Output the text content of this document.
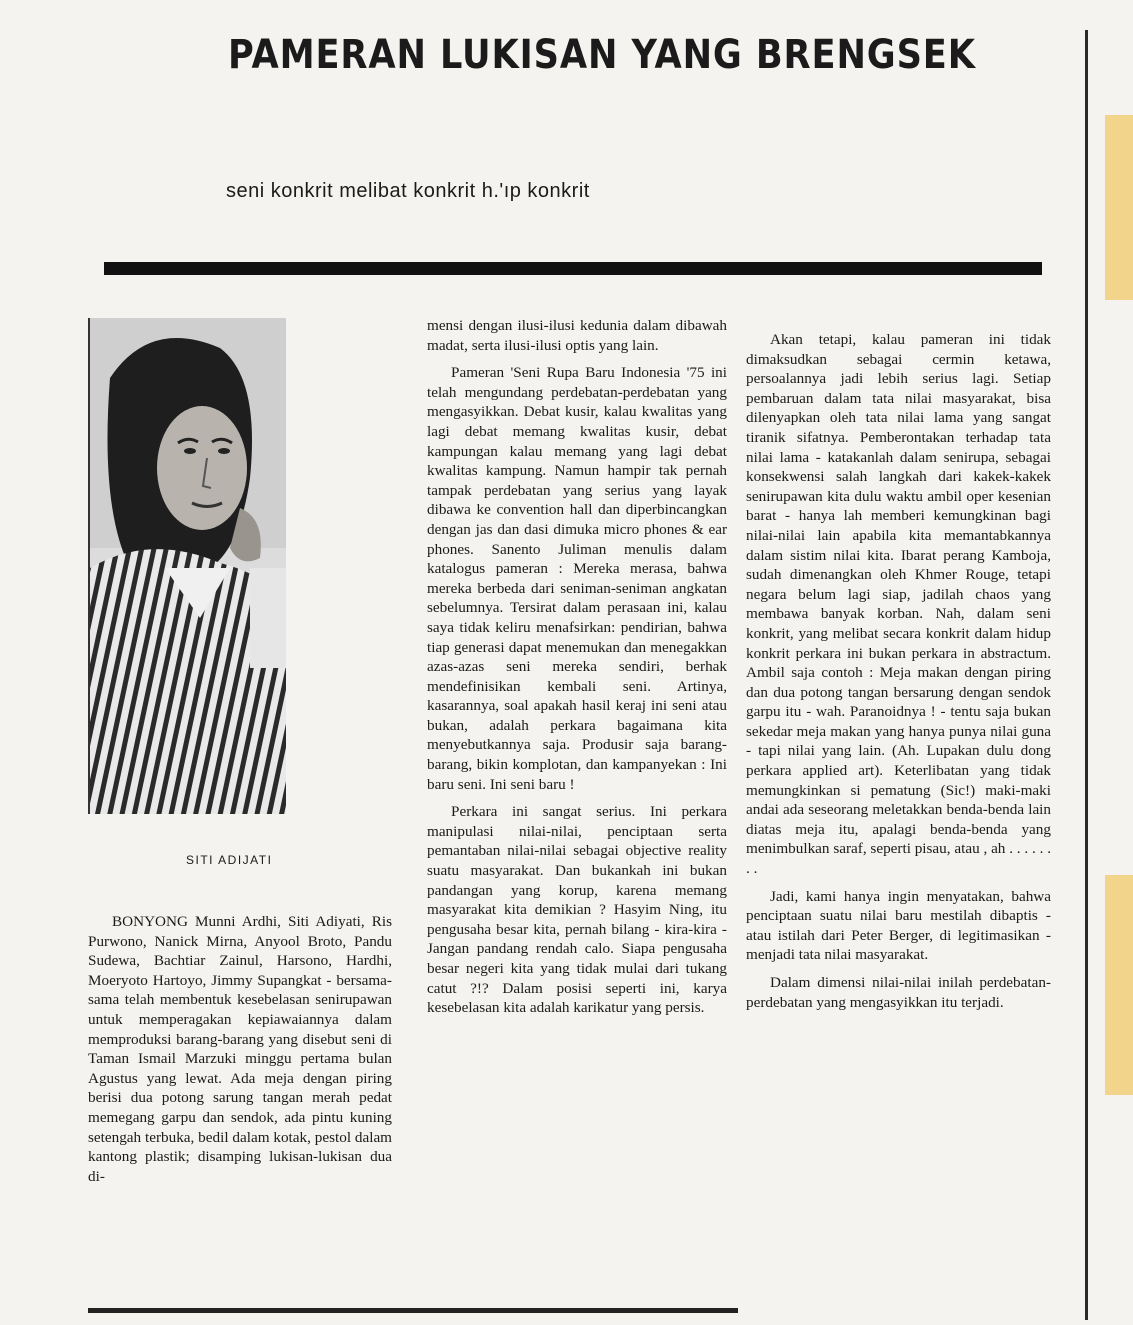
PAMERAN LUKISAN YANG BRENGSEK

seni konkrit melibat konkrit h.'ıp konkrit

SITI ADIJATI

BONYONG Munni Ardhi, Siti Adiyati, Ris Purwono, Nanick Mirna, Anyool Broto, Pandu Sudewa, Bachtiar Zainul, Harsono, Hardhi, Moeryoto Hartoyo, Jimmy Supangkat - bersama-sama telah membentuk kesebelasan senirupawan untuk memperagakan kepiawaiannya dalam memproduksi barang-barang yang disebut seni di Taman Ismail Marzuki minggu pertama bulan Agustus yang lewat. Ada meja dengan piring berisi dua potong sarung tangan merah pedat memegang garpu dan sendok, ada pintu kuning setengah terbuka, bedil dalam kotak, pestol dalam kantong plastik; disamping lukisan-lukisan dua di-

mensi dengan ilusi-ilusi kedunia dalam dibawah madat, serta ilusi-ilusi optis yang lain.

Pameran 'Seni Rupa Baru Indonesia '75 ini telah mengundang perdebatan-perdebatan yang mengasyikkan. Debat kusir, kalau kwalitas yang lagi debat memang kwalitas kusir, debat kampungan kalau memang yang lagi debat kwalitas kampung. Namun hampir tak pernah tampak perdebatan yang serius yang layak dibawa ke convention hall dan diperbincangkan dengan jas dan dasi dimuka micro phones & ear phones. Sanento Juliman menulis dalam katalogus pameran : Mereka merasa, bahwa mereka berbeda dari seniman-seniman angkatan sebelumnya. Tersirat dalam perasaan ini, kalau saya tidak keliru menafsirkan: pendirian, bahwa tiap generasi dapat menemukan dan menegakkan azas-azas seni mereka sendiri, berhak mendefinisikan kembali seni. Artinya, kasarannya, soal apakah hasil keraj ini seni atau bukan, adalah perkara bagaimana kita menyebutkannya saja. Produsir saja barang-barang, bikin komplotan, dan kampanyekan : Ini baru seni. Ini seni baru !

Perkara ini sangat serius. Ini perkara manipulasi nilai-nilai, penciptaan serta pemantaban nilai-nilai sebagai objective reality suatu masyarakat. Dan bukankah ini bukan pandangan yang korup, karena memang masyarakat kita demikian ? Hasyim Ning, itu pengusaha besar kita, pernah bilang - kira-kira - Jangan pandang rendah calo. Siapa pengusaha besar negeri kita yang tidak mulai dari tukang catut ?!? Dalam posisi seperti ini, karya kesebelasan kita adalah karikatur yang persis.

Akan tetapi, kalau pameran ini tidak dimaksudkan sebagai cermin ketawa, persoalannya jadi lebih serius lagi. Setiap pembaruan dalam tata nilai masyarakat, bisa dilenyapkan oleh tata nilai lama yang sangat tiranik sifatnya. Pemberontakan terhadap tata nilai lama - katakanlah dalam senirupa, sebagai konsekwensi salah langkah dari kakek-kakek senirupawan kita dulu waktu ambil oper kesenian barat - hanya lah memberi kemungkinan bagi nilai-nilai lain apabila kita memantabkannya dalam sistim nilai kita. Ibarat perang Kamboja, sudah dimenangkan oleh Khmer Rouge, tetapi negara belum lagi siap, jadilah chaos yang membawa banyak korban. Nah, dalam seni konkrit, yang melibat secara konkrit dalam hidup konkrit perkara ini bukan perkara in abstractum. Ambil saja contoh : Meja makan dengan piring dan dua potong tangan bersarung dengan sendok garpu itu - wah. Paranoidnya ! - tentu saja bukan sekedar meja makan yang hanya punya nilai guna - tapi nilai yang lain. (Ah. Lupakan dulu dong perkara applied art). Keterlibatan yang tidak memungkinkan si pematung (Sic!) maki-maki andai ada seseorang meletakkan benda-benda lain diatas meja itu, apalagi benda-benda yang menimbulkan saraf, seperti pisau, atau , ah . . . . . . . .

Jadi, kami hanya ingin menyatakan, bahwa penciptaan suatu nilai baru mestilah dibaptis - atau istilah dari Peter Berger, di legitimasikan - menjadi tata nilai masyarakat.

Dalam dimensi nilai-nilai inilah perdebatan-perdebatan yang mengasyikkan itu terjadi.
